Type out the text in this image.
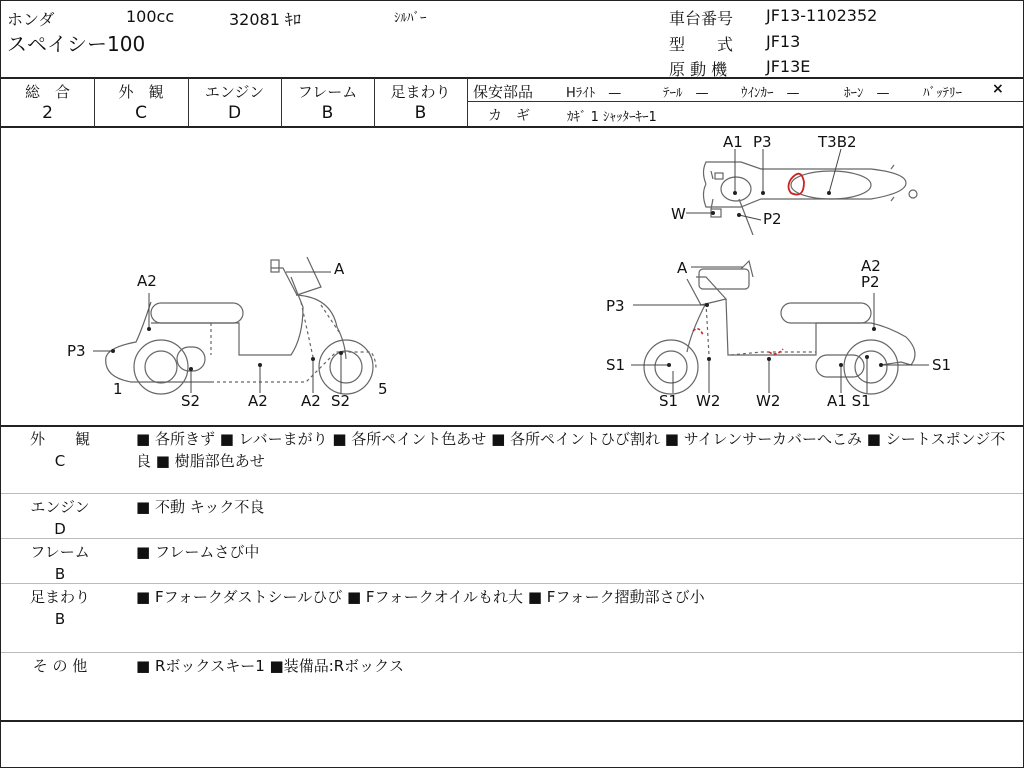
ホンダ	100cc	32081 ｷﾛ	ｼﾙﾊﾞｰ
スペイシー100
車台番号 JF13-1102352
型　　式 JF13
原 動 機 JF13E
総　合
2
外　観
C
エンジン
D
フレーム
B
足まわり
B
保安部品	Hﾗｲﾄ　—	ﾃｰﾙ　— ｳｲﾝｶｰ　—	ﾎｰﾝ　—	ﾊﾞｯﾃﾘｰ ×
カ　ギ	ｶｷﾞ 1 ｼｬｯﾀｰｷｰ1
A
A2
P3
1
S2	A2 A2 S2
5
A1 P3	T3B2
W	P2
A	A2
P2
P3
S1
S1 W2 W2	A1 S1
S1
外　　観
C
■ 各所きず ■ レバーまがり ■ 各所ペイント色あせ ■ 各所ペイントひび割れ ■ サイレンサーカバーへこみ ■ シートスポンジ不良 ■ 樹脂部色あせ
エンジン
D
■ 不動 キック不良
フレーム
B
■ フレームさび中
足まわり
B
■ Fフォークダストシールひび ■ Fフォークオイルもれ大 ■ Fフォーク摺動部さび小
そ の 他	■ Rボックスキー1 ■装備品:Rボックス
